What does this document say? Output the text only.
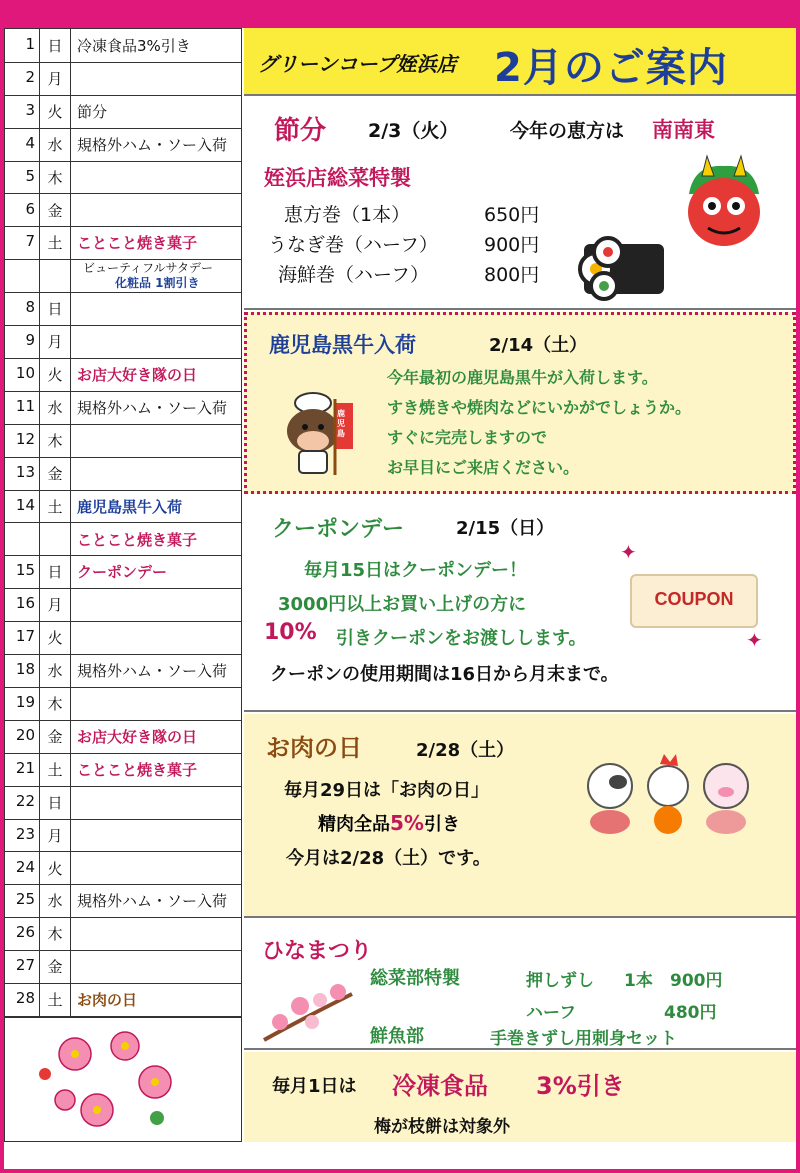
1 日 冷凍食品3%引き
2 月
3 火 節分
4 水 規格外ハム・ソー入荷
5 木
6 金
7 土 ことこと焼き菓子
ビューティフルサタデー
化粧品 1割引き
8 日
9 月
10 火 お店大好き隊の日
11 水 規格外ハム・ソー入荷
12 木
13 金
14 土 鹿児島黒牛入荷
ことこと焼き菓子
15 日 クーポンデー
16 月
17 火
18 水 規格外ハム・ソー入荷
19 木
20 金 お店大好き隊の日
21 土 ことこと焼き菓子
22 日
23 月
24 火
25 水 規格外ハム・ソー入荷
26 木
27 金
28 土 お肉の日
グリーンコープ姪浜店 2月のご案内
節分 2/3（火）	今年の恵方は 南南東
姪浜店総菜特製
恵方巻（1本）	650円
うなぎ巻（ハーフ） 900円
海鮮巻（ハーフ）	800円
鹿児島黒牛入荷	2/14（土）
今年最初の鹿児島黒牛が入荷します。
すき焼きや焼肉などにいかがでしょうか。
すぐに完売しますので
お早目にご来店ください。
鹿児島
クーポンデー	2/15（日）
毎月15日はクーポンデー！
3000円以上お買い上げの方に
10% 引きクーポンをお渡しします。
クーポンの使用期間は16日から月末まで。
COUPON
✦
✦
お肉の日	2/28（土）
毎月29日は「お肉の日」
精肉全品5%引き
今月は2/28（土）です。
ひなまつり
総菜部特製	押しずし 1本 900円
ハーフ	480円
鮮魚部	手巻きずし用刺身セット
毎月1日は 冷凍食品 3%引き
梅が枝餅は対象外
